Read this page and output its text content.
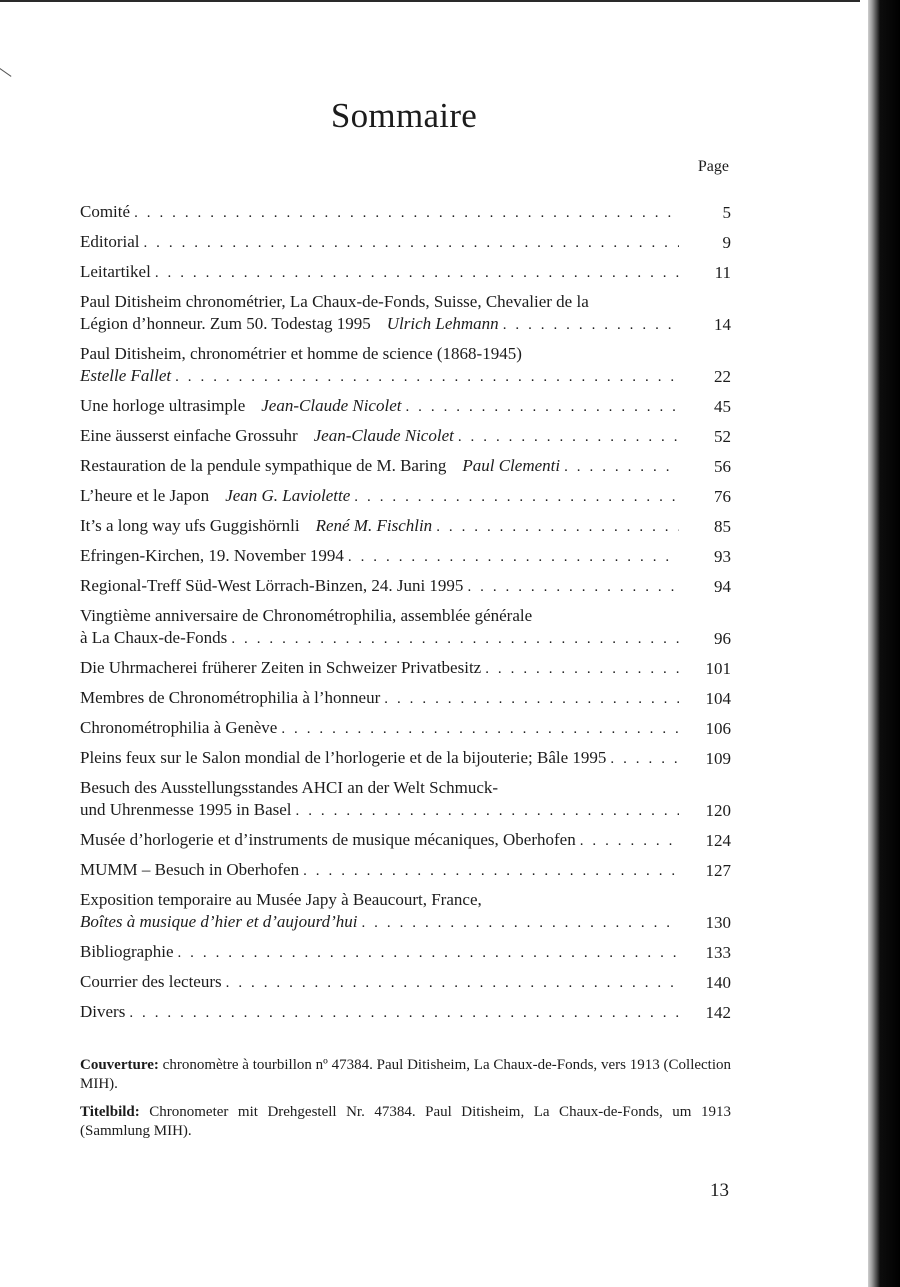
Sommaire
Page
Comité . . .	5
Editorial . . .	9
Leitartikel . . .	11
Paul Ditisheim chronométrier, La Chaux-de-Fonds, Suisse, Chevalier de la
Légion d’honneur. Zum 50. Todestag 1995 Ulrich Lehmann . . .	14
Paul Ditisheim, chronométrier et homme de science (1868-1945)
Estelle Fallet . . .	22
Une horloge ultrasimple Jean-Claude Nicolet . . .	45
Eine äusserst einfache Grossuhr Jean-Claude Nicolet . . .	52
Restauration de la pendule sympathique de M. Baring Paul Clementi . . .	56
L’heure et le Japon Jean G. Laviolette . . .	76
It’s a long way ufs Guggishörnli René M. Fischlin . . .	85
Efringen-Kirchen, 19. November 1994 . . .	93
Regional-Treff Süd-West Lörrach-Binzen, 24. Juni 1995 . . .	94
Vingtième anniversaire de Chronométrophilia, assemblée générale
à La Chaux-de-Fonds . . .	96
Die Uhrmacherei früherer Zeiten in Schweizer Privatbesitz . . .	101
Membres de Chronométrophilia à l’honneur . . .	104
Chronométrophilia à Genève . . .	106
Pleins feux sur le Salon mondial de l’horlogerie et de la bijouterie; Bâle 1995 . . .	109
Besuch des Ausstellungsstandes AHCI an der Welt Schmuck-
und Uhrenmesse 1995 in Basel . . .	120
Musée d’horlogerie et d’instruments de musique mécaniques, Oberhofen . . .	124
MUMM – Besuch in Oberhofen . . .	127
Exposition temporaire au Musée Japy à Beaucourt, France,
Boîtes à musique d’hier et d’aujourd’hui . . .	130
Bibliographie . . .	133
Courrier des lecteurs . . .	140
Divers . . .	142

Couverture: chronomètre à tourbillon nº 47384. Paul Ditisheim, La Chaux-de-Fonds, vers 1913 (Collection MIH).

Titelbild: Chronometer mit Drehgestell Nr. 47384. Paul Ditisheim, La Chaux-de-Fonds, um 1913 (Sammlung MIH).

13
